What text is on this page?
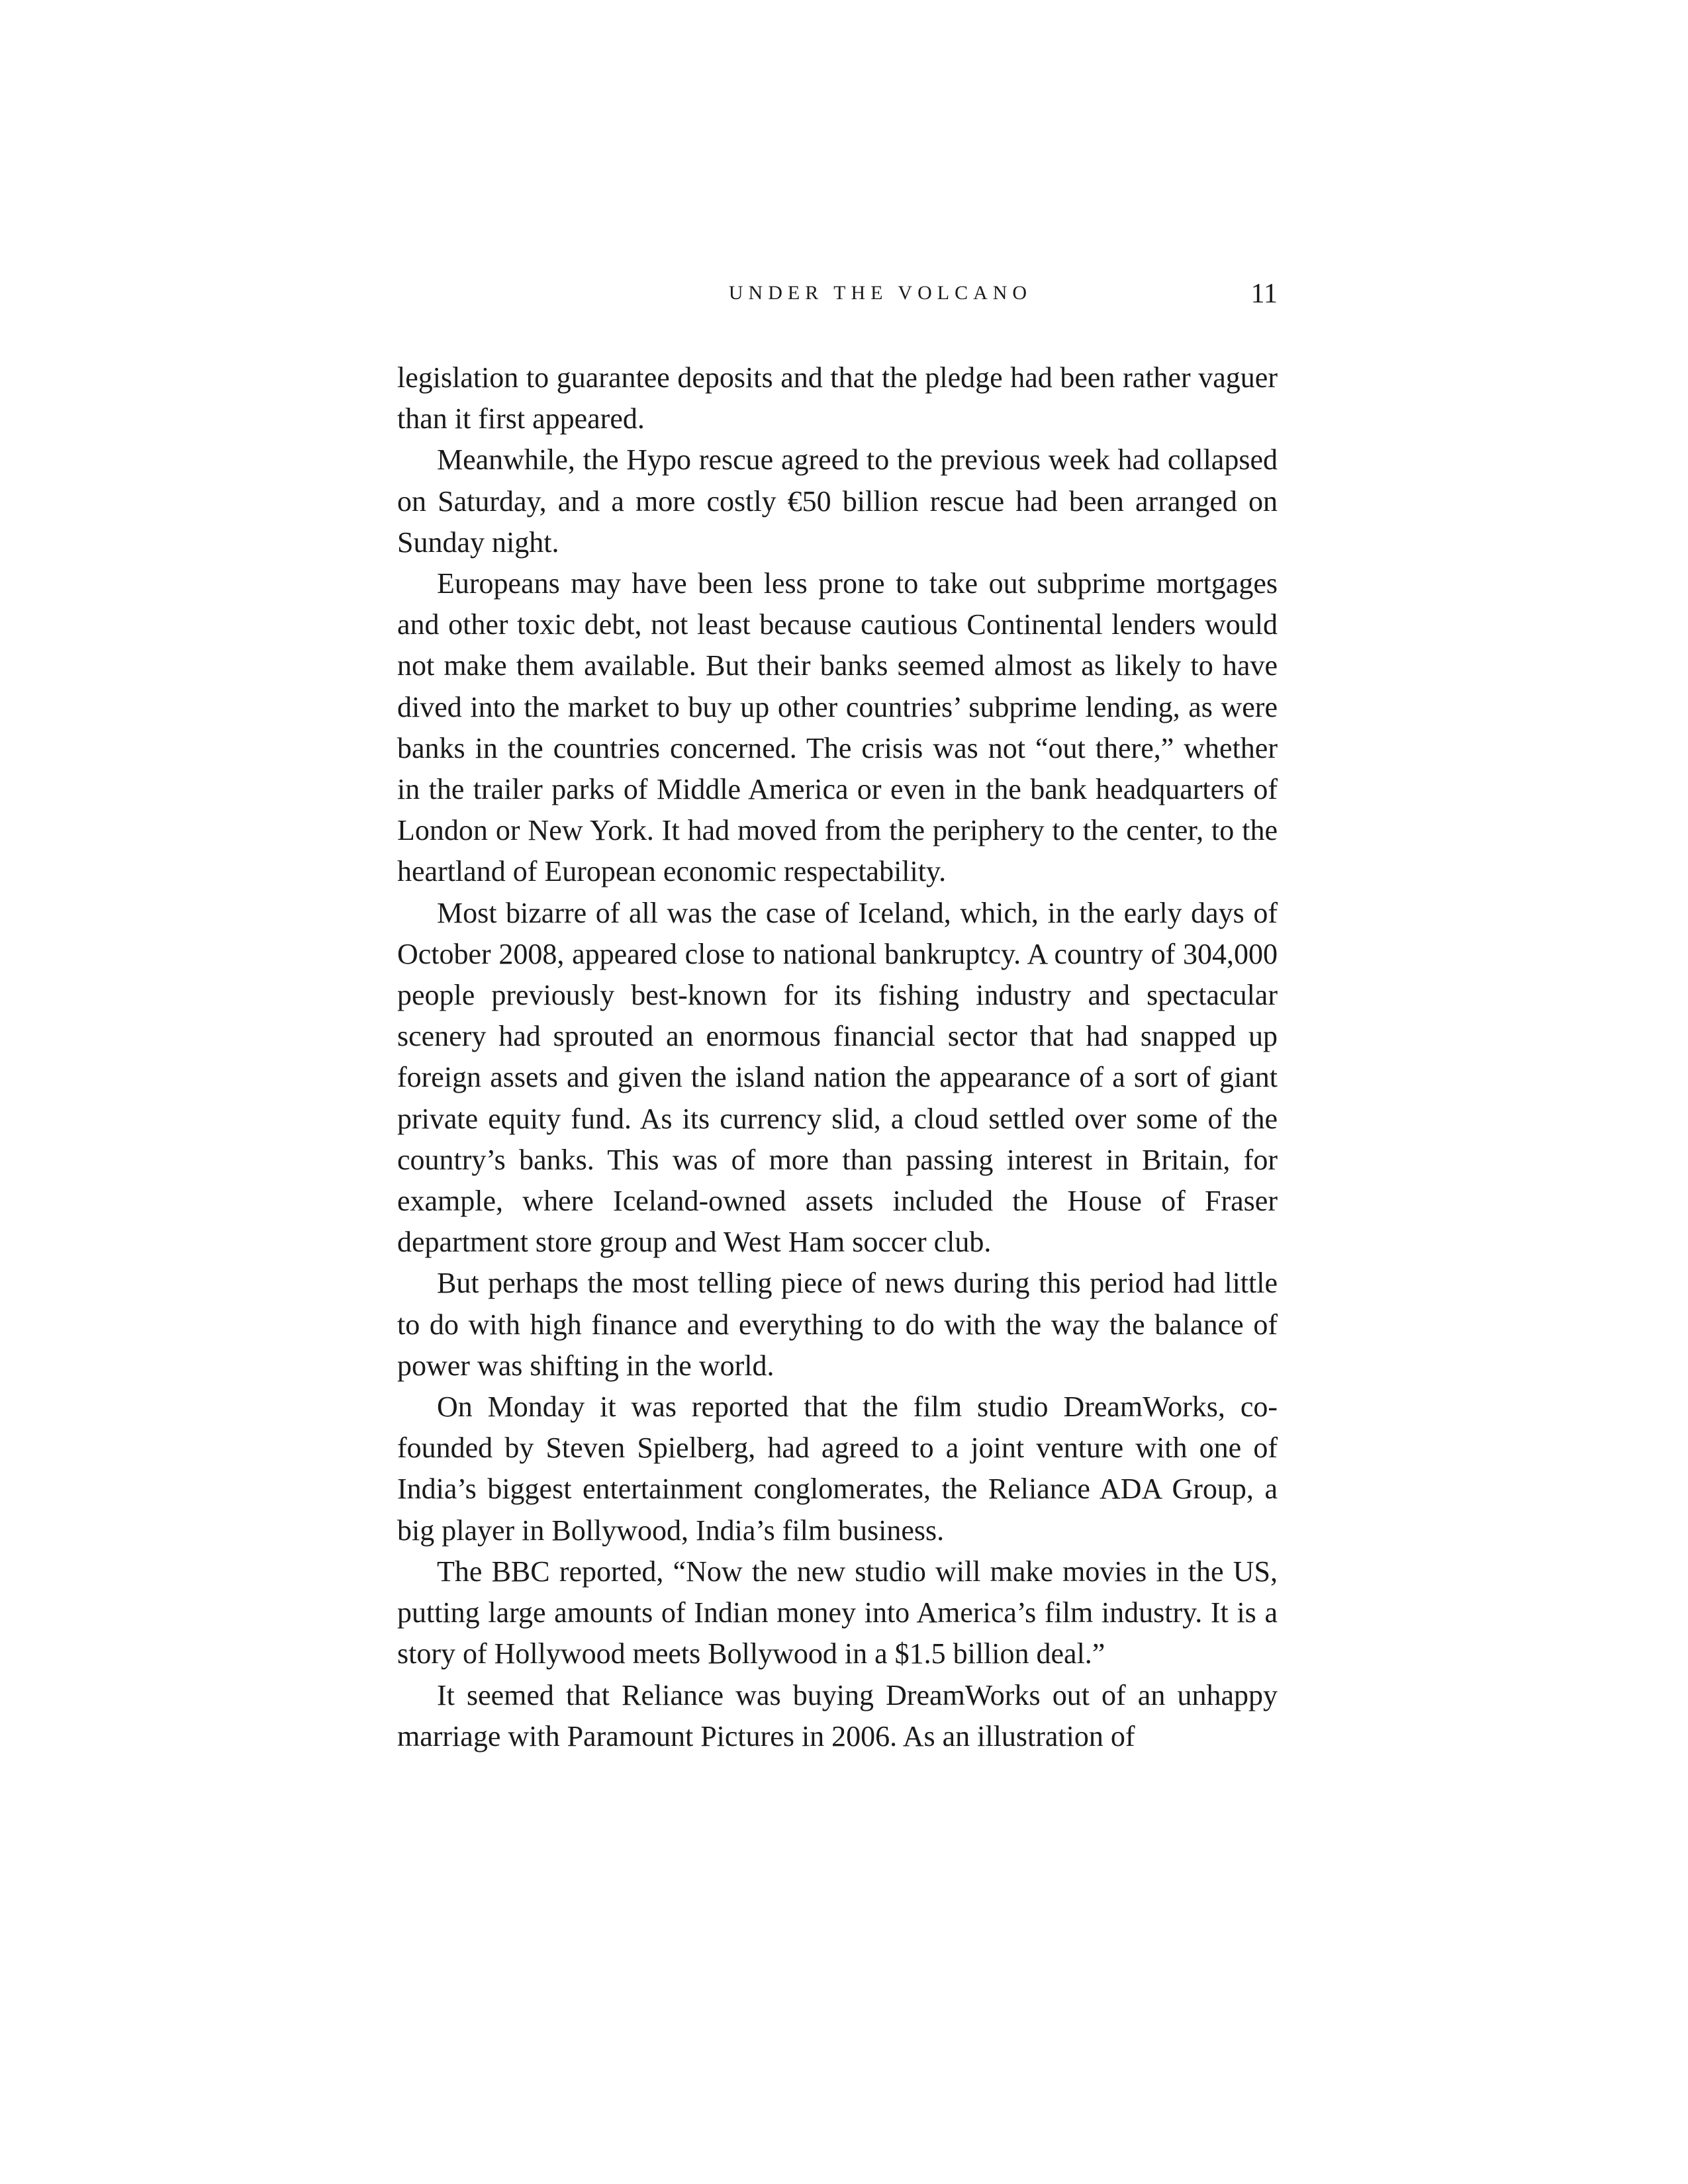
UNDER THE VOLCANO	11

legislation to guarantee deposits and that the pledge had been rather vaguer than it first appeared.

Meanwhile, the Hypo rescue agreed to the previous week had collapsed on Saturday, and a more costly €50 billion rescue had been arranged on Sunday night.

Europeans may have been less prone to take out subprime mortgages and other toxic debt, not least because cautious Continental lenders would not make them available. But their banks seemed almost as likely to have dived into the market to buy up other countries’ subprime lending, as were banks in the countries concerned. The crisis was not “out there,” whether in the trailer parks of Middle America or even in the bank headquarters of London or New York. It had moved from the periphery to the center, to the heartland of European economic respectability.

Most bizarre of all was the case of Iceland, which, in the early days of October 2008, appeared close to national bankruptcy. A country of 304,000 people previously best-known for its fishing industry and spectacular scenery had sprouted an enormous financial sector that had snapped up foreign assets and given the island nation the appearance of a sort of giant private equity fund. As its currency slid, a cloud settled over some of the country’s banks. This was of more than passing interest in Britain, for example, where Iceland-owned assets included the House of Fraser department store group and West Ham soccer club.

But perhaps the most telling piece of news during this period had little to do with high finance and everything to do with the way the balance of power was shifting in the world.

On Monday it was reported that the film studio DreamWorks, cofounded by Steven Spielberg, had agreed to a joint venture with one of India’s biggest entertainment conglomerates, the Reliance ADA Group, a big player in Bollywood, India’s film business.

The BBC reported, “Now the new studio will make movies in the US, putting large amounts of Indian money into America’s film industry. It is a story of Hollywood meets Bollywood in a $1.5 billion deal.”

It seemed that Reliance was buying DreamWorks out of an unhappy marriage with Paramount Pictures in 2006. As an illustration of
